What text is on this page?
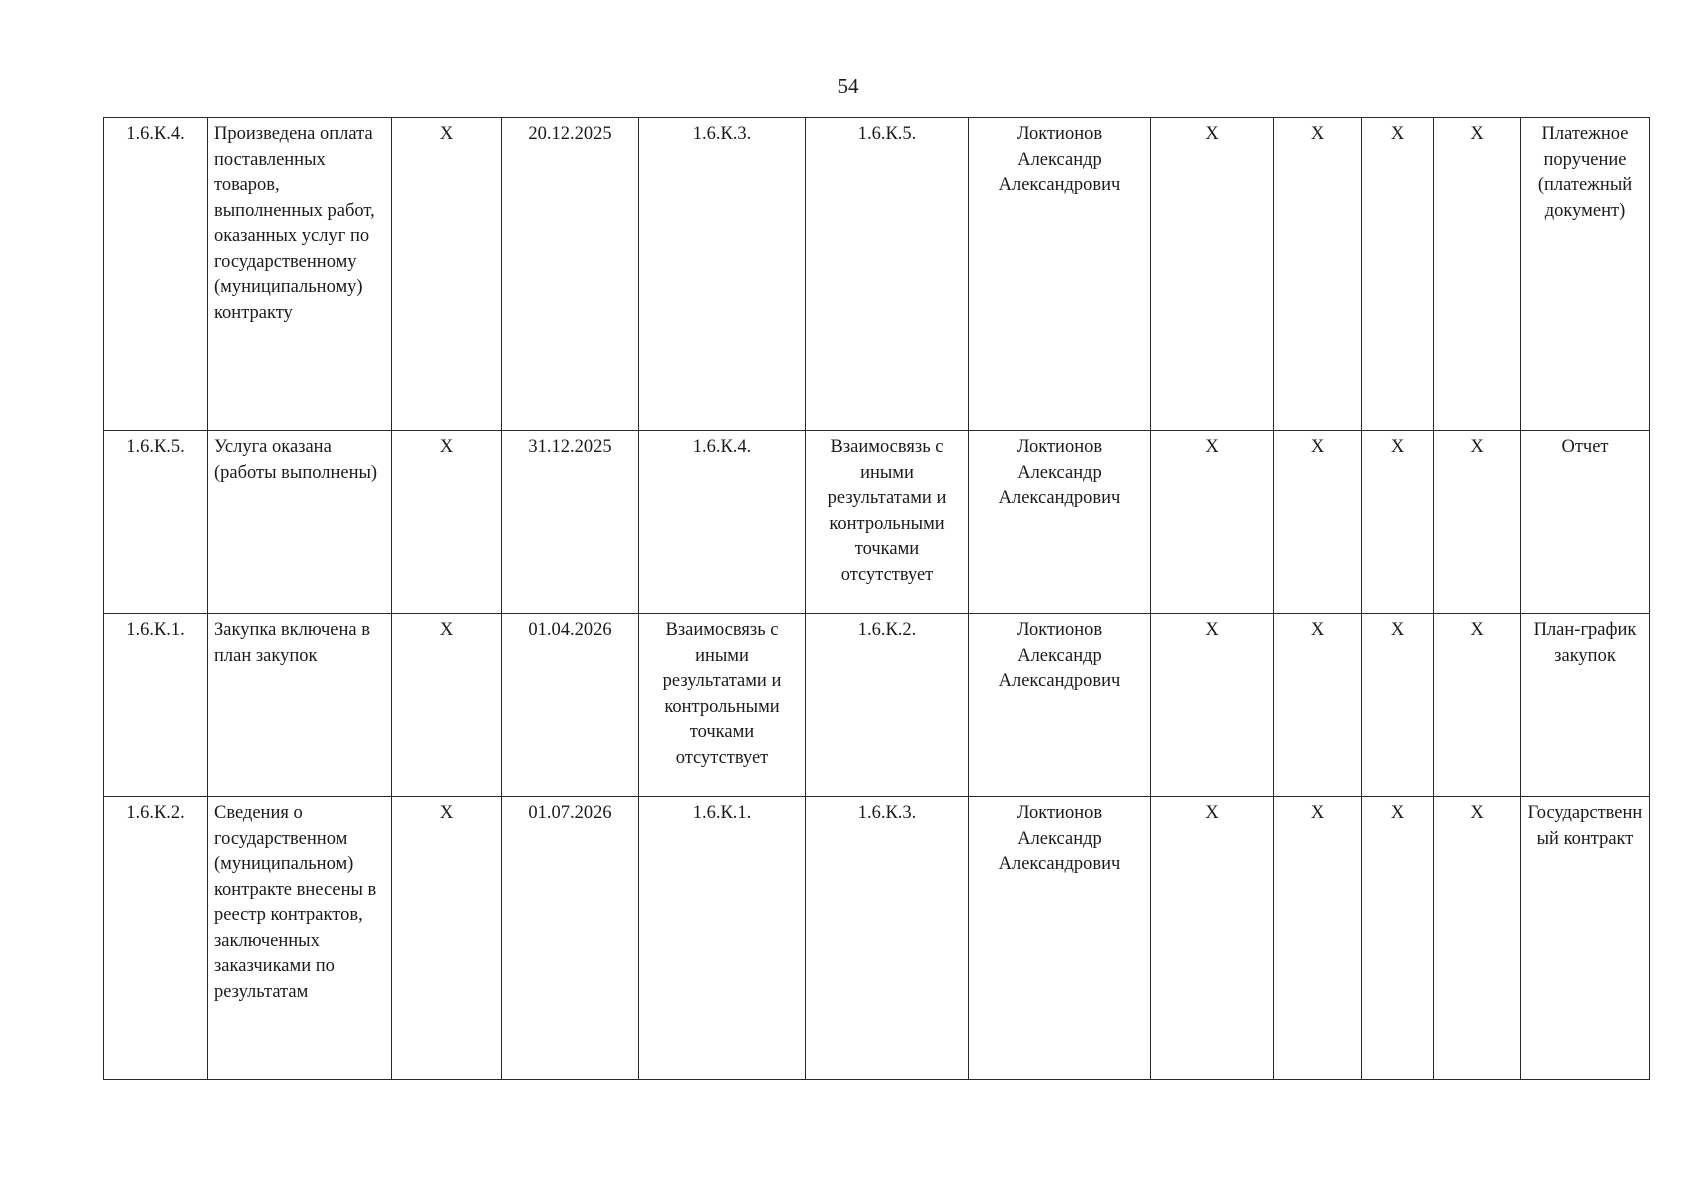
54
1.6.К.4.	Произведена оплата поставленных товаров, выполненных работ, оказанных услуг по государственному (муниципальному) контракту	Х	20.12.2025	1.6.К.3.	1.6.К.5.	Локтионов Александр Александрович	Х	Х	Х	Х	Платежное поручение (платежный документ)
1.6.К.5.	Услуга оказана (работы выполнены)	Х	31.12.2025	1.6.К.4.	Взаимосвязь с иными результатами и контрольными точками отсутствует	Локтионов Александр Александрович	Х	Х	Х	Х	Отчет
1.6.К.1.	Закупка включена в план закупок	Х	01.04.2026	Взаимосвязь с иными результатами и контрольными точками отсутствует	1.6.К.2.	Локтионов Александр Александрович	Х	Х	Х	Х	План-график закупок
1.6.К.2.	Сведения о государственном (муниципальном) контракте внесены в реестр контрактов, заключенных заказчиками по результатам	Х	01.07.2026	1.6.К.1.	1.6.К.3.	Локтионов Александр Александрович	Х	Х	Х	Х	Государственный контракт
